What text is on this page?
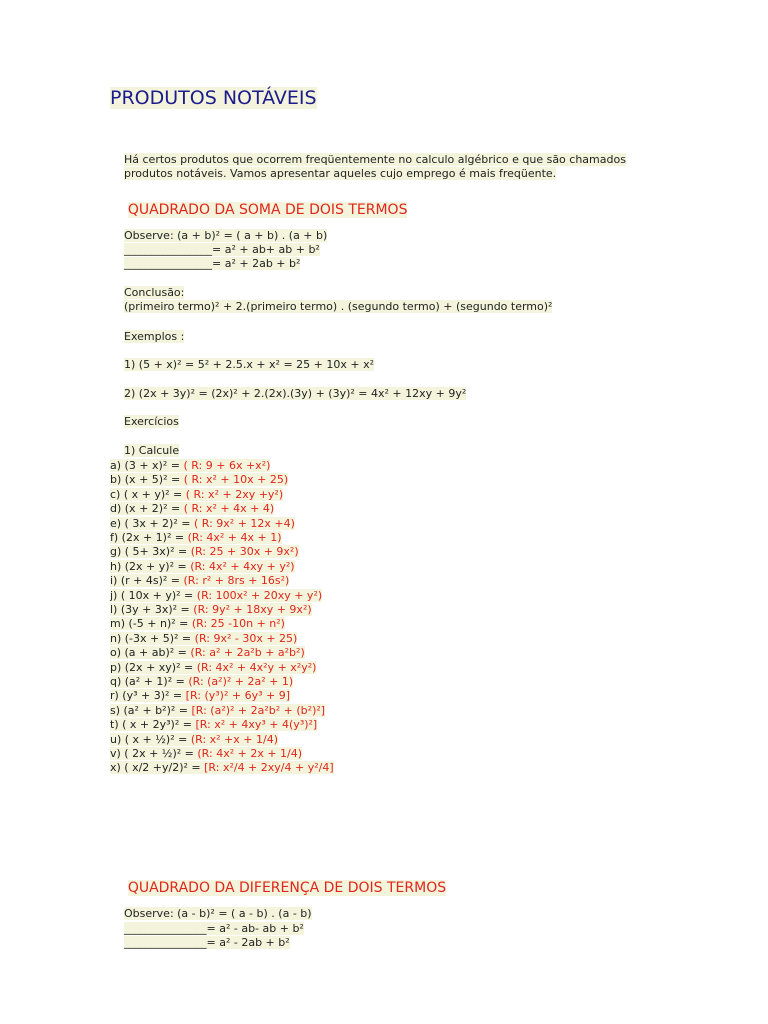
PRODUTOS NOTÁVEIS

Há certos produtos que ocorrem freqüentemente no calculo algébrico e que são chamados

produtos notáveis. Vamos apresentar aqueles cujo emprego é mais freqüente.

QUADRADO DA SOMA DE DOIS TERMOS

Observe: (a + b)² = ( a + b) . (a + b)

________________= a² + ab+ ab + b²

________________= a² + 2ab + b²

Conclusão:

(primeiro termo)² + 2.(primeiro termo) . (segundo termo) + (segundo termo)²

Exemplos :

1) (5 + x)² = 5² + 2.5.x + x² = 25 + 10x + x²

2) (2x + 3y)² = (2x)² + 2.(2x).(3y) + (3y)² = 4x² + 12xy + 9y²

Exercícios

1) Calcule

a) (3 + x)² = ( R: 9 + 6x +x²)
b) (x + 5)² = ( R: x² + 10x + 25)
c) ( x + y)² = ( R: x² + 2xy +y²)
d) (x + 2)² = ( R: x² + 4x + 4)
e) ( 3x + 2)² = ( R: 9x² + 12x +4)
f) (2x + 1)² = (R: 4x² + 4x + 1)
g) ( 5+ 3x)² = (R: 25 + 30x + 9x²)
h) (2x + y)² = (R: 4x² + 4xy + y²)
i) (r + 4s)² = (R: r² + 8rs + 16s²)
j) ( 10x + y)² = (R: 100x² + 20xy + y²)
l) (3y + 3x)² = (R: 9y² + 18xy + 9x²)
m) (-5 + n)² = (R: 25 -10n + n²)
n) (-3x + 5)² = (R: 9x² - 30x + 25)
o) (a + ab)² = (R: a² + 2a²b + a²b²)
p) (2x + xy)² = (R: 4x² + 4x²y + x²y²)
q) (a² + 1)² = (R: (a²)² + 2a² + 1)
r) (y³ + 3)² = [R: (y³)² + 6y³ + 9]
s) (a² + b²)² = [R: (a²)² + 2a²b² + (b²)²]
t) ( x + 2y³)² = [R: x² + 4xy³ + 4(y³)²]
u) ( x + ½)² = (R: x² +x + 1/4)
v) ( 2x + ½)² = (R: 4x² + 2x + 1/4)
x) ( x/2 +y/2)² = [R: x²/4 + 2xy/4 + y²/4]

QUADRADO DA DIFERENÇA DE DOIS TERMOS

Observe: (a - b)² = ( a - b) . (a - b)

_______________= a² - ab- ab + b²

_______________= a² - 2ab + b²
